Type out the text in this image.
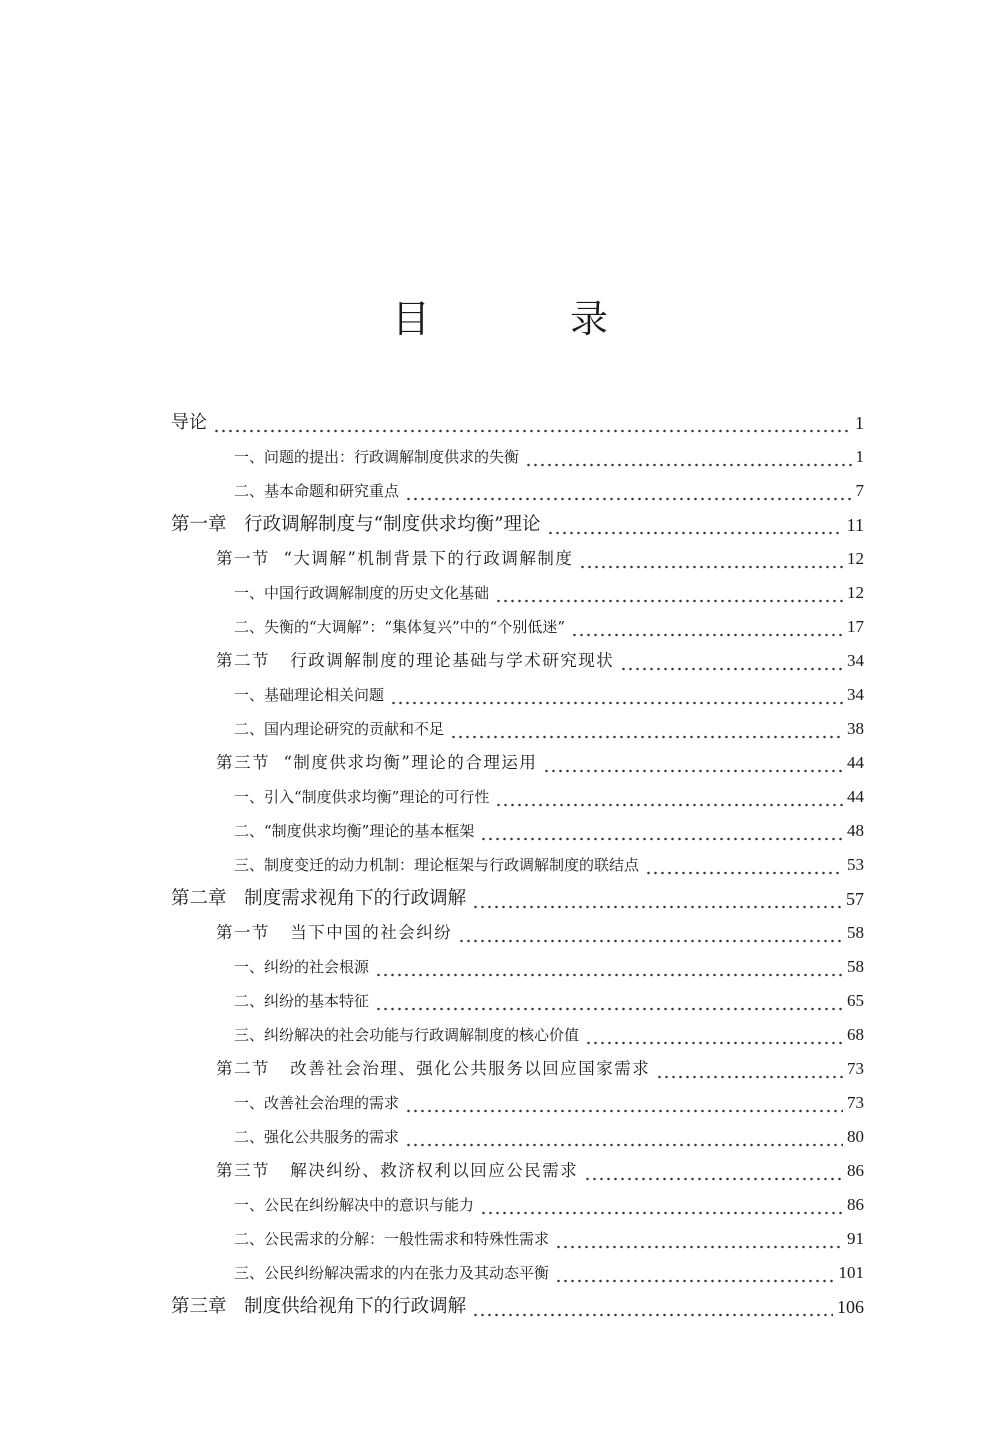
目 录
导论	1
一、问题的提出：行政调解制度供求的失衡	1
二、基本命题和研究重点	7
第一章   行政调解制度与“制度供求均衡”理论	11
第一节  “大调解”机制背景下的行政调解制度	12
一、中国行政调解制度的历史文化基础	12
二、失衡的“大调解”：“集体复兴”中的“个别低迷”	17
第二节   行政调解制度的理论基础与学术研究现状	34
一、基础理论相关问题	34
二、国内理论研究的贡献和不足	38
第三节  “制度供求均衡”理论的合理运用	44
一、引入“制度供求均衡”理论的可行性	44
二、“制度供求均衡”理论的基本框架	48
三、制度变迁的动力机制：理论框架与行政调解制度的联结点	53
第二章   制度需求视角下的行政调解	57
第一节   当下中国的社会纠纷	58
一、纠纷的社会根源	58
二、纠纷的基本特征	65
三、纠纷解决的社会功能与行政调解制度的核心价值	68
第二节   改善社会治理、强化公共服务以回应国家需求	73
一、改善社会治理的需求	73
二、强化公共服务的需求	80
第三节   解决纠纷、救济权利以回应公民需求	86
一、公民在纠纷解决中的意识与能力	86
二、公民需求的分解：一般性需求和特殊性需求	91
三、公民纠纷解决需求的内在张力及其动态平衡	101
第三章   制度供给视角下的行政调解	106
